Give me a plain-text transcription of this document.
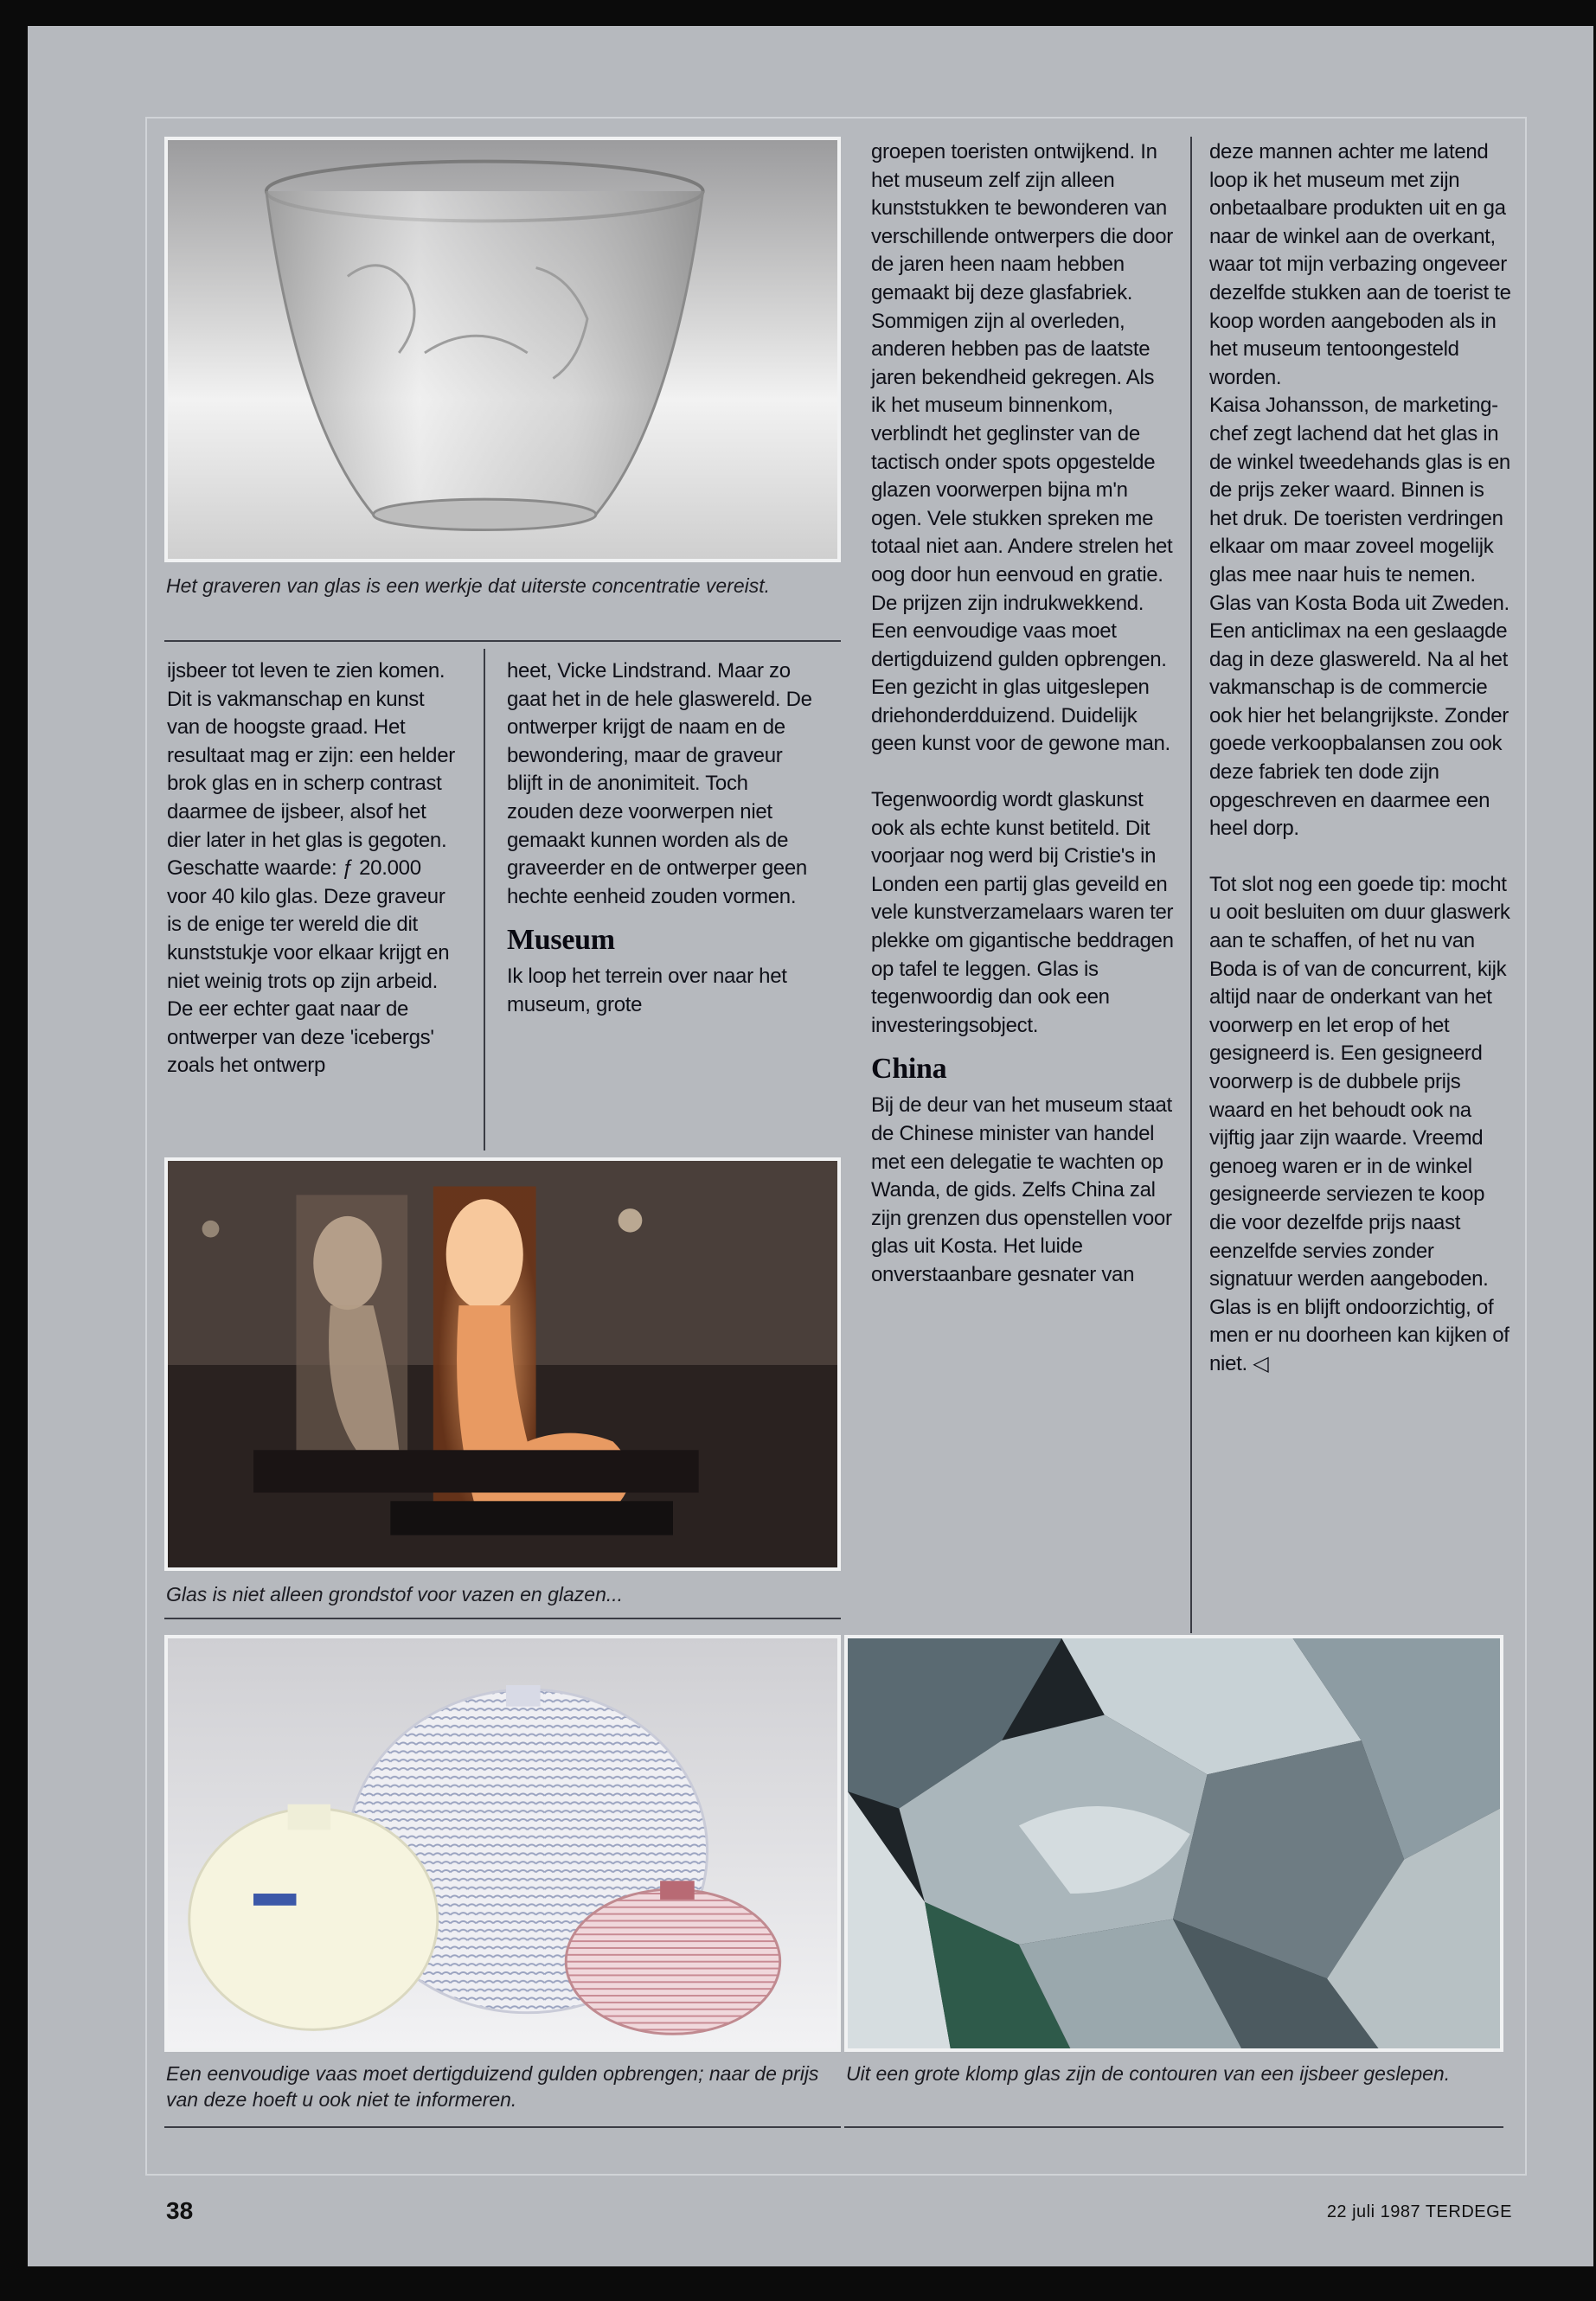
Het graveren van glas is een werkje dat uiterste concentratie vereist.

ijsbeer tot leven te zien komen. Dit is vakmanschap en kunst van de hoogste graad. Het resultaat mag er zijn: een helder brok glas en in scherp contrast daarmee de ijsbeer, alsof het dier later in het glas is gegoten. Geschatte waarde: ƒ 20.000 voor 40 kilo glas. Deze graveur is de enige ter wereld die dit kunststukje voor elkaar krijgt en niet weinig trots op zijn arbeid. De eer echter gaat naar de ontwerper van deze 'icebergs' zoals het ontwerp

heet, Vicke Lindstrand. Maar zo gaat het in de hele glaswereld. De ontwerper krijgt de naam en de bewondering, maar de graveur blijft in de anonimiteit. Toch zouden deze voorwerpen niet gemaakt kunnen worden als de graveerder en de ontwerper geen hechte eenheid zouden vormen.

Museum

Ik loop het terrein over naar het museum, grote

Glas is niet alleen grondstof voor vazen en glazen...

groepen toeristen ontwijkend. In het museum zelf zijn alleen kunststukken te bewonderen van verschillende ontwerpers die door de jaren heen naam hebben gemaakt bij deze glasfabriek. Sommigen zijn al overleden, anderen hebben pas de laatste jaren bekendheid gekregen. Als ik het museum binnenkom, verblindt het geglinster van de tactisch onder spots opgestelde glazen voorwerpen bijna m'n ogen. Vele stukken spreken me totaal niet aan. Andere strelen het oog door hun eenvoud en gratie.

De prijzen zijn indrukwekkend. Een eenvoudige vaas moet dertigduizend gulden opbrengen. Een gezicht in glas uitgeslepen driehonderdduizend. Duidelijk geen kunst voor de gewone man.

Tegenwoordig wordt glaskunst ook als echte kunst betiteld. Dit voorjaar nog werd bij Cristie's in Londen een partij glas geveild en vele kunstverzamelaars waren ter plekke om gigantische beddragen op tafel te leggen. Glas is tegenwoordig dan ook een investeringsobject.

China

Bij de deur van het museum staat de Chinese minister van handel met een delegatie te wachten op Wanda, de gids. Zelfs China zal zijn grenzen dus openstellen voor glas uit Kosta. Het luide onverstaanbare gesnater van

deze mannen achter me latend loop ik het museum met zijn onbetaalbare produkten uit en ga naar de winkel aan de overkant, waar tot mijn verbazing ongeveer dezelfde stukken aan de toerist te koop worden aangeboden als in het museum tentoongesteld worden.

Kaisa Johansson, de marketing-chef zegt lachend dat het glas in de winkel tweedehands glas is en de prijs zeker waard. Binnen is het druk. De toeristen verdringen elkaar om maar zoveel mogelijk glas mee naar huis te nemen. Glas van Kosta Boda uit Zweden. Een anticlimax na een geslaagde dag in deze glaswereld. Na al het vakmanschap is de commercie ook hier het belangrijkste. Zonder goede verkoopbalansen zou ook deze fabriek ten dode zijn opgeschreven en daarmee een heel dorp.

Tot slot nog een goede tip: mocht u ooit besluiten om duur glaswerk aan te schaffen, of het nu van Boda is of van de concurrent, kijk altijd naar de onderkant van het voorwerp en let erop of het gesigneerd is. Een gesigneerd voorwerp is de dubbele prijs waard en het behoudt ook na vijftig jaar zijn waarde. Vreemd genoeg waren er in de winkel gesigneerde serviezen te koop die voor dezelfde prijs naast eenzelfde servies zonder signatuur werden aangeboden. Glas is en blijft ondoorzichtig, of men er nu doorheen kan kijken of niet. ◁

Een eenvoudige vaas moet dertigduizend gulden opbrengen; naar de prijs van deze hoeft u ook niet te informeren.
Uit een grote klomp glas zijn de contouren van een ijsbeer geslepen.
38	22 juli 1987 TERDEGE
